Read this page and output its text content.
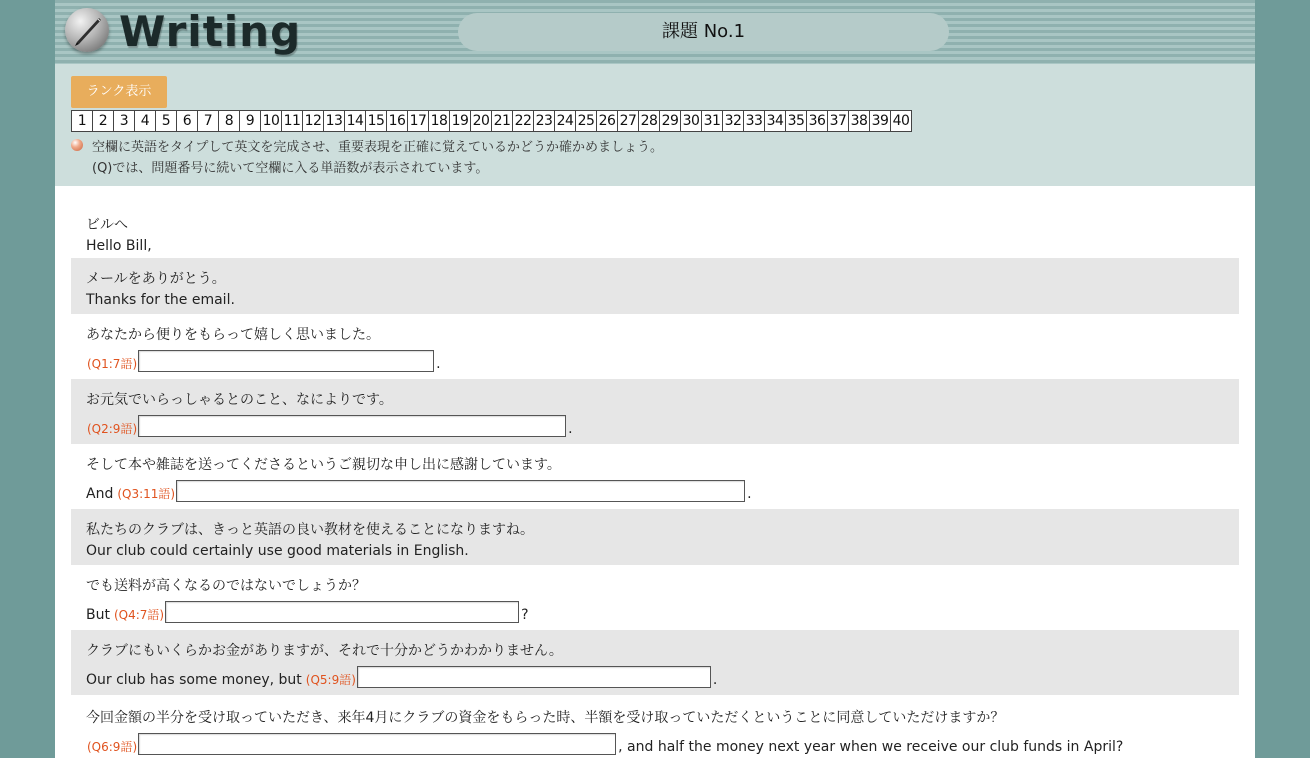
Writing	課題 No.1
ランク表示
1 2 3 4 5 6 7 8 9 10 11 12 13 14 15 16 17 18 19 20 21 22 23 24 25 26 27 28 29 30 31 32 33 34 35 36 37 38 39 40
空欄に英語をタイプして英文を完成させ、重要表現を正確に覚えているかどうか確かめましょう。
(Q)では、問題番号に続いて空欄に入る単語数が表示されています。
ビルへ
Hello Bill,
メールをありがとう。
Thanks for the email.
あなたから便りをもらって嬉しく思いました。
(Q1:7語)	.
お元気でいらっしゃるとのこと、なによりです。
(Q2:9語)	.
そして本や雑誌を送ってくださるというご親切な申し出に感謝しています。
And (Q3:11語)	.
私たちのクラブは、きっと英語の良い教材を使えることになりますね。
Our club could certainly use good materials in English.
でも送料が高くなるのではないでしょうか？
But (Q4:7語)	?
クラブにもいくらかお金がありますが、それで十分かどうかわかりません。
Our club has some money, but (Q5:9語)	.
今回金額の半分を受け取っていただき、来年4月にクラブの資金をもらった時、半額を受け取っていただくということに同意していただけますか？
(Q6:9語)	, and half the money next year when we receive our club funds in April?
